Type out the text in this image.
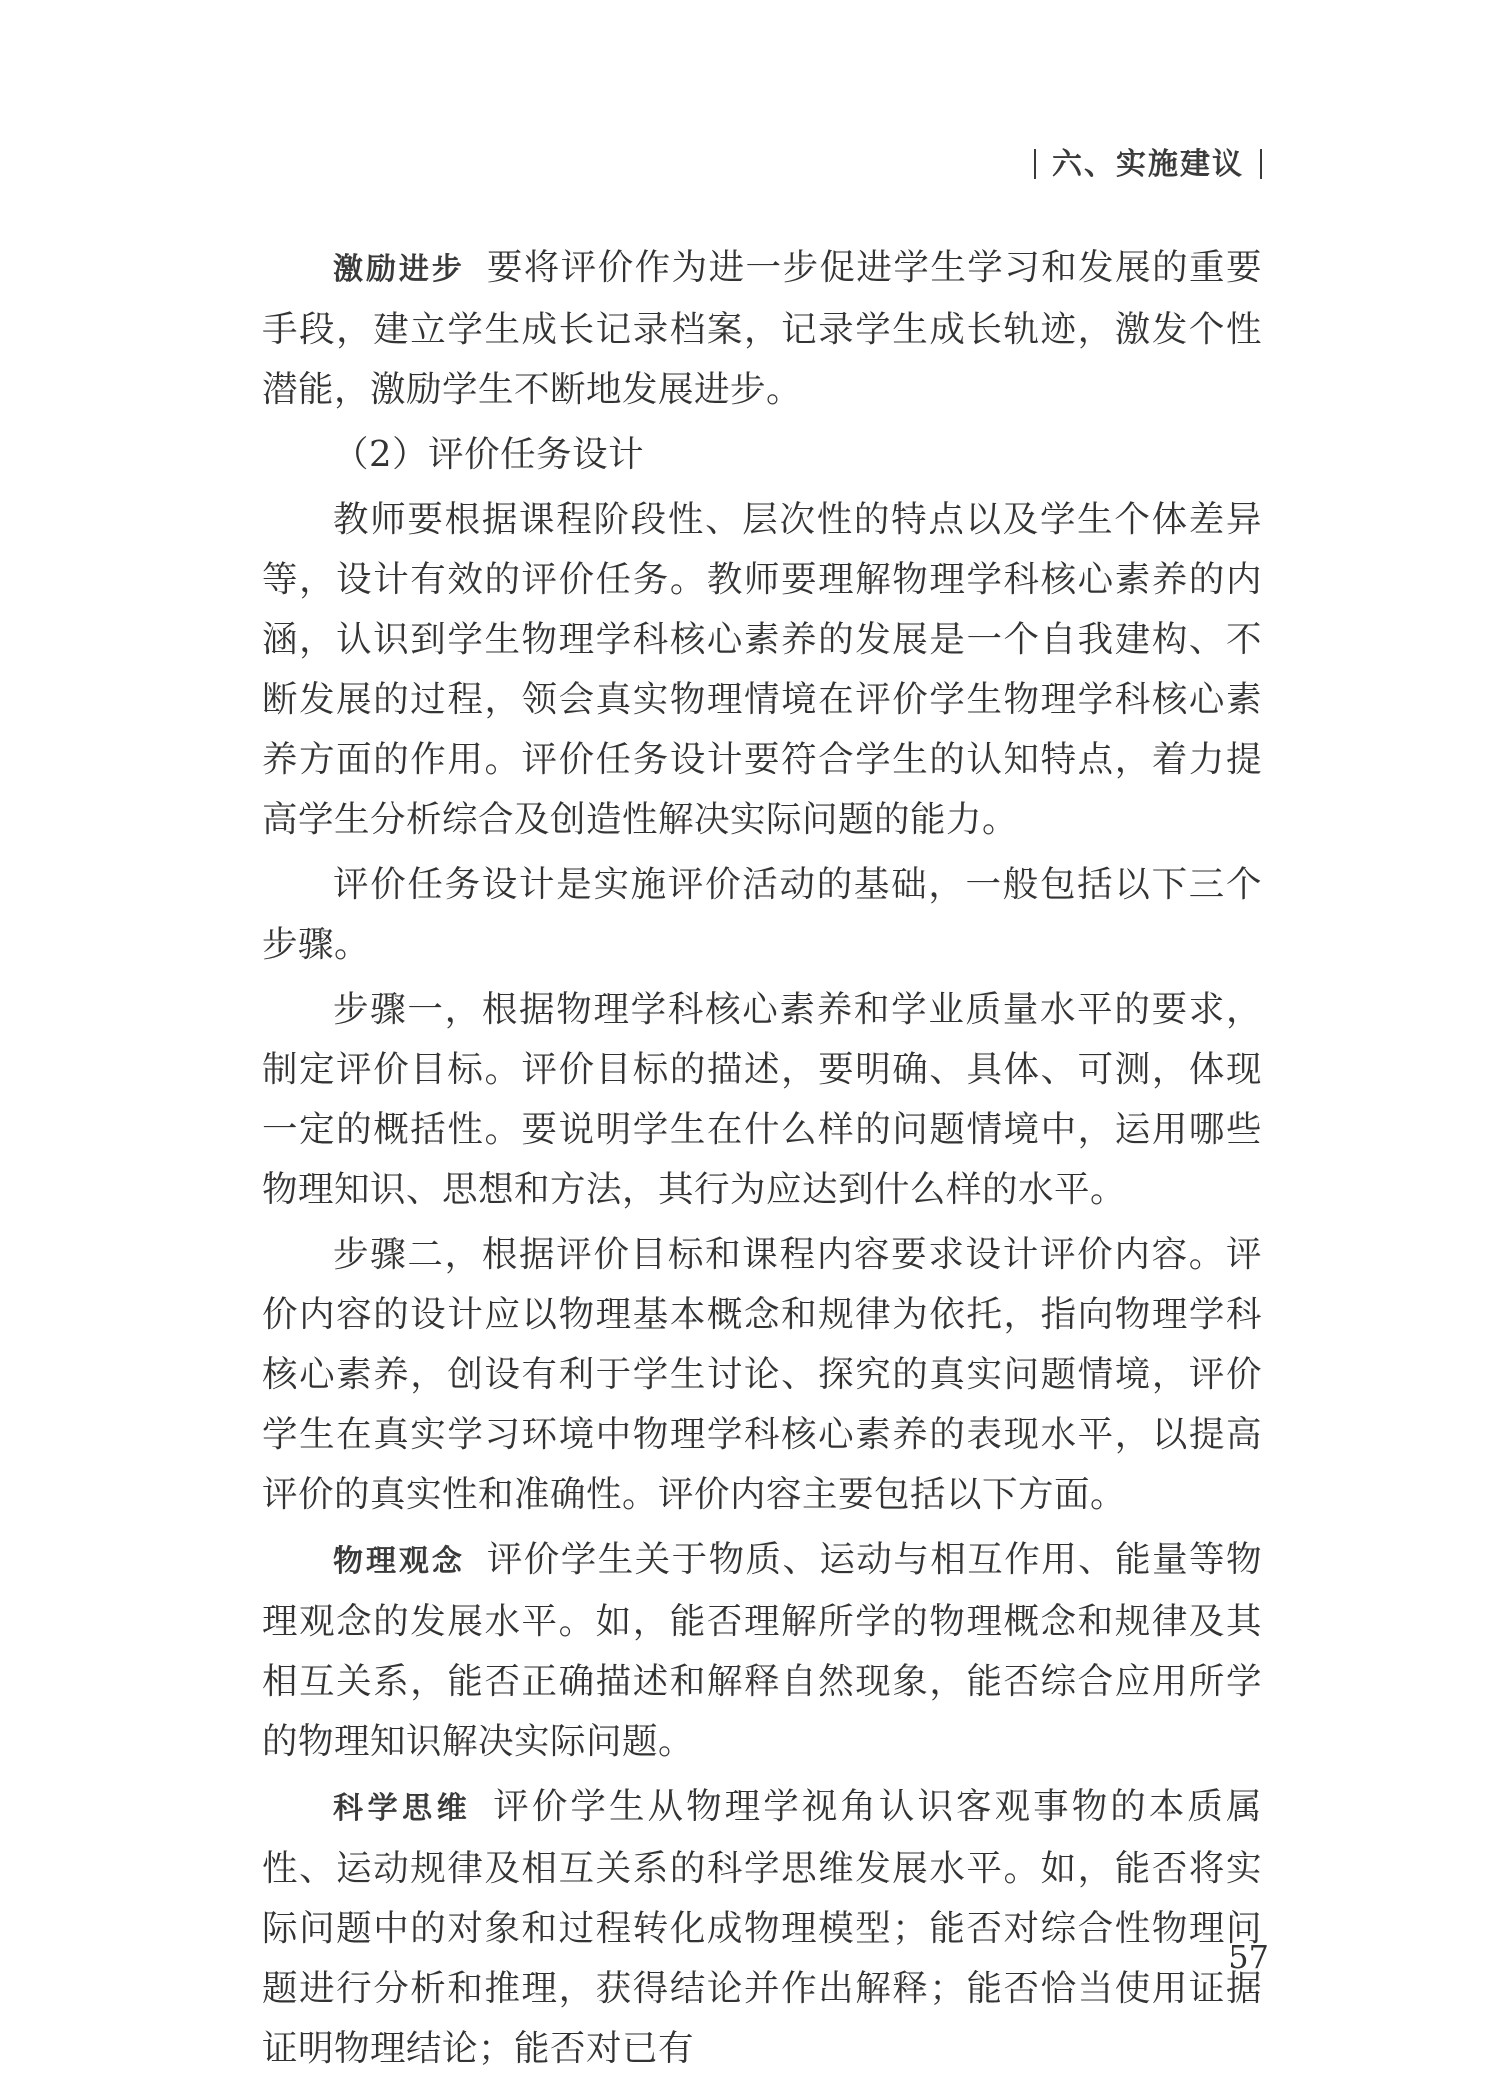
六、实施建议

激励进步 要将评价作为进一步促进学生学习和发展的重要手段，建立学生成长记录档案，记录学生成长轨迹，激发个性潜能，激励学生不断地发展进步。

（2）评价任务设计

教师要根据课程阶段性、层次性的特点以及学生个体差异等，设计有效的评价任务。教师要理解物理学科核心素养的内涵，认识到学生物理学科核心素养的发展是一个自我建构、不断发展的过程，领会真实物理情境在评价学生物理学科核心素养方面的作用。评价任务设计要符合学生的认知特点，着力提高学生分析综合及创造性解决实际问题的能力。

评价任务设计是实施评价活动的基础，一般包括以下三个步骤。

步骤一，根据物理学科核心素养和学业质量水平的要求，制定评价目标。评价目标的描述，要明确、具体、可测，体现一定的概括性。要说明学生在什么样的问题情境中，运用哪些物理知识、思想和方法，其行为应达到什么样的水平。

步骤二，根据评价目标和课程内容要求设计评价内容。评价内容的设计应以物理基本概念和规律为依托，指向物理学科核心素养，创设有利于学生讨论、探究的真实问题情境，评价学生在真实学习环境中物理学科核心素养的表现水平，以提高评价的真实性和准确性。评价内容主要包括以下方面。

物理观念 评价学生关于物质、运动与相互作用、能量等物理观念的发展水平。如，能否理解所学的物理概念和规律及其相互关系，能否正确描述和解释自然现象，能否综合应用所学的物理知识解决实际问题。

科学思维 评价学生从物理学视角认识客观事物的本质属性、运动规律及相互关系的科学思维发展水平。如，能否将实际问题中的对象和过程转化成物理模型；能否对综合性物理问题进行分析和推理，获得结论并作出解释；能否恰当使用证据证明物理结论；能否对已有

57
